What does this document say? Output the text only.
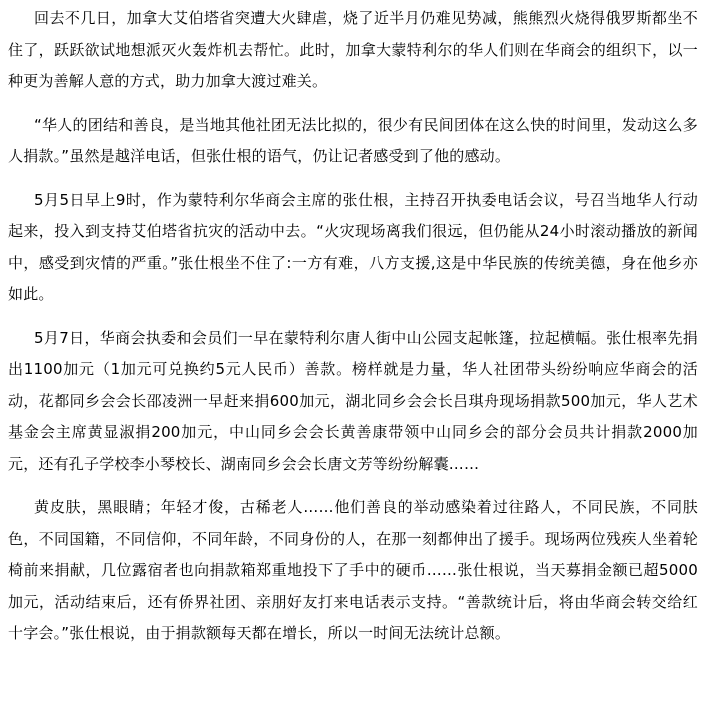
回去不几日，加拿大艾伯塔省突遭大火肆虐，烧了近半月仍难见势减，熊熊烈火烧得俄罗斯都坐不住了，跃跃欲试地想派灭火轰炸机去帮忙。此时，加拿大蒙特利尔的华人们则在华商会的组织下，以一种更为善解人意的方式，助力加拿大渡过难关。

“华人的团结和善良，是当地其他社团无法比拟的，很少有民间团体在这么快的时间里，发动这么多人捐款。”虽然是越洋电话，但张仕根的语气，仍让记者感受到了他的感动。

5月5日早上9时，作为蒙特利尔华商会主席的张仕根，主持召开执委电话会议，号召当地华人行动起来，投入到支持艾伯塔省抗灾的活动中去。“火灾现场离我们很远，但仍能从24小时滚动播放的新闻中，感受到灾情的严重。”张仕根坐不住了:一方有难，八方支援,这是中华民族的传统美德，身在他乡亦如此。

5月7日，华商会执委和会员们一早在蒙特利尔唐人街中山公园支起帐篷，拉起横幅。张仕根率先捐出1100加元（1加元可兑换约5元人民币）善款。榜样就是力量，华人社团带头纷纷响应华商会的活动，花都同乡会会长邵凌洲一早赶来捐600加元，湖北同乡会会长吕琪舟现场捐款500加元，华人艺术基金会主席黄显淑捐200加元，中山同乡会会长黄善康带领中山同乡会的部分会员共计捐款2000加元，还有孔子学校李小琴校长、湖南同乡会会长唐文芳等纷纷解囊……

黄皮肤，黑眼睛；年轻才俊，古稀老人……他们善良的举动感染着过往路人，不同民族，不同肤色，不同国籍，不同信仰，不同年龄，不同身份的人，在那一刻都伸出了援手。现场两位残疾人坐着轮椅前来捐献，几位露宿者也向捐款箱郑重地投下了手中的硬币……张仕根说，当天募捐金额已超5000加元，活动结束后，还有侨界社团、亲朋好友打来电话表示支持。“善款统计后，将由华商会转交给红十字会。”张仕根说，由于捐款额每天都在增长，所以一时间无法统计总额。
